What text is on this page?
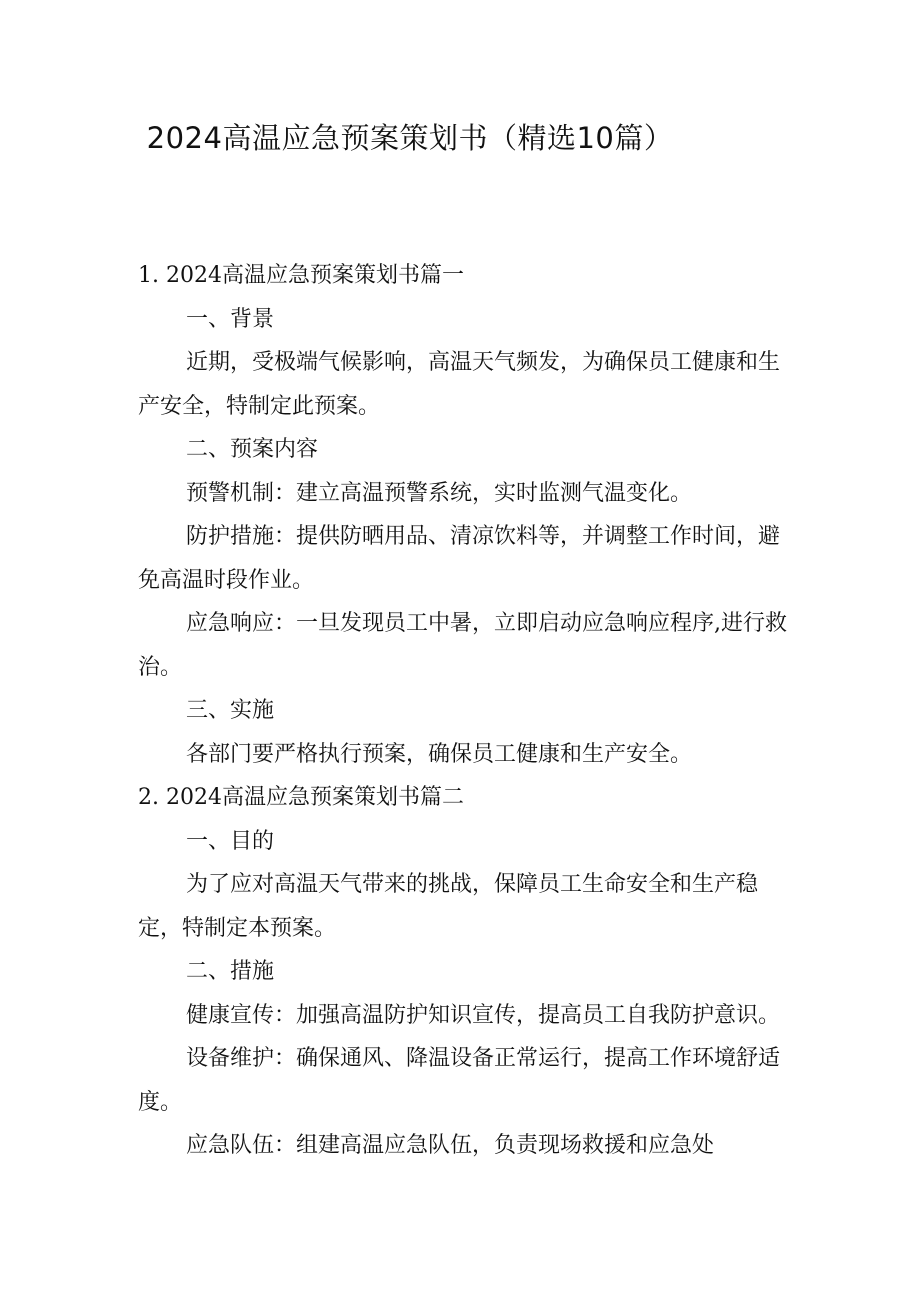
2024高温应急预案策划书（精选10篇）

1. 2024高温应急预案策划书篇一

一、背景

近期，受极端气候影响，高温天气频发，为确保员工健康和生产安全，特制定此预案。

二、预案内容

预警机制：建立高温预警系统，实时监测气温变化。

防护措施：提供防晒用品、清凉饮料等，并调整工作时间，避免高温时段作业。

应急响应：一旦发现员工中暑，立即启动应急响应程序,进行救治。

三、实施

各部门要严格执行预案，确保员工健康和生产安全。

2. 2024高温应急预案策划书篇二

一、目的

为了应对高温天气带来的挑战，保障员工生命安全和生产稳定，特制定本预案。

二、措施

健康宣传：加强高温防护知识宣传，提高员工自我防护意识。

设备维护：确保通风、降温设备正常运行，提高工作环境舒适度。

应急队伍：组建高温应急队伍，负责现场救援和应急处
